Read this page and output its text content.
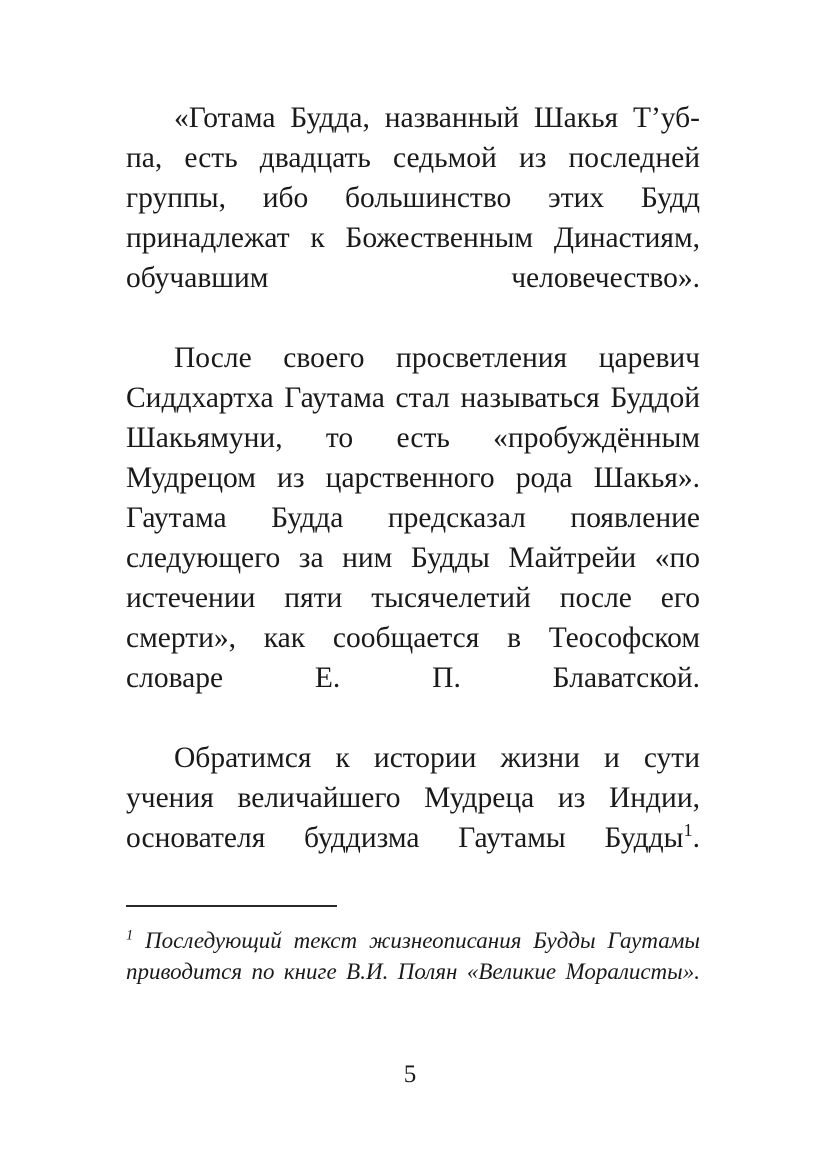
«Готама Будда, названный Шакья Т’уб-па, есть двадцать седьмой из последней группы, ибо большинство этих Будд принадлежат к Божественным Династиям, обучавшим человечество».

После своего просветления царевич Сиддхартха Гаутама стал называться Буддой Шакьямуни, то есть «пробуждённым Мудрецом из царственного рода Шакья». Гаутама Будда предсказал появление следующего за ним Будды Майтрейи «по истечении пяти тысячелетий после его смерти», как сообщается в Теософском словаре Е. П. Блаватской.

Обратимся к истории жизни и сути учения величайшего Мудреца из Индии, основателя буддизма Гаутамы Будды$^1$.

$^1$ Последующий текст жизнеописания Будды Гаутамы приводится по книге В.И. Полян «Великие Моралисты».

5
